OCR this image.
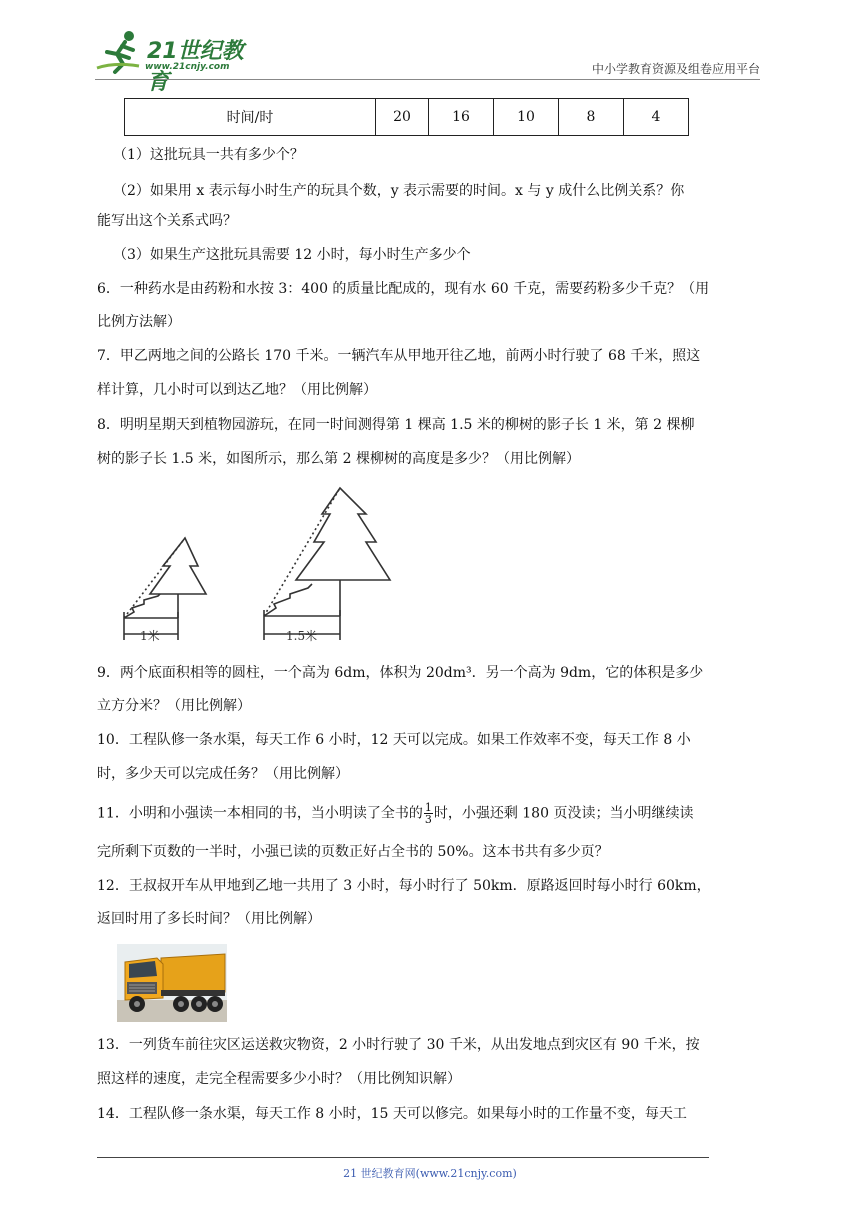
21世纪教育
www.21cnjy.com	中小学教育资源及组卷应用平台
时间/时	20	16	10	8	4
（1）这批玩具一共有多少个？
（2）如果用 x 表示每小时生产的玩具个数，y 表示需要的时间。x 与 y 成什么比例关系？你
能写出这个关系式吗？
（3）如果生产这批玩具需要 12 小时，每小时生产多少个
6．一种药水是由药粉和水按 3：400 的质量比配成的，现有水 60 千克，需要药粉多少千克？（用
比例方法解）
7．甲乙两地之间的公路长 170 千米。一辆汽车从甲地开往乙地，前两小时行驶了 68 千米，照这
样计算，几小时可以到达乙地？（用比例解）
8．明明星期天到植物园游玩，在同一时间测得第 1 棵高 1.5 米的柳树的影子长 1 米，第 2 棵柳
树的影子长 1.5 米，如图所示，那么第 2 棵柳树的高度是多少？（用比例解）
1米	1.5米
9．两个底面积相等的圆柱，一个高为 6dm，体积为 20dm³．另一个高为 9dm，它的体积是多少
立方分米？（用比例解）
10．工程队修一条水渠，每天工作 6 小时，12 天可以完成。如果工作效率不变，每天工作 8 小
时，多少天可以完成任务？（用比例解）
11．小明和小强读一本相同的书，当小明读了全书的 $\frac{1}{3}$ 时，小强还剩 180 页没读；当小明继续读
完所剩下页数的一半时，小强已读的页数正好占全书的 50%。这本书共有多少页？
12．王叔叔开车从甲地到乙地一共用了 3 小时，每小时行了 50km．原路返回时每小时行 60km，
返回时用了多长时间？（用比例解）
13．一列货车前往灾区运送救灾物资，2 小时行驶了 30 千米，从出发地点到灾区有 90 千米，按
照这样的速度，走完全程需要多少小时？（用比例知识解）
14．工程队修一条水渠，每天工作 8 小时，15 天可以修完。如果每小时的工作量不变，每天工
21 世纪教育网(www.21cnjy.com)
